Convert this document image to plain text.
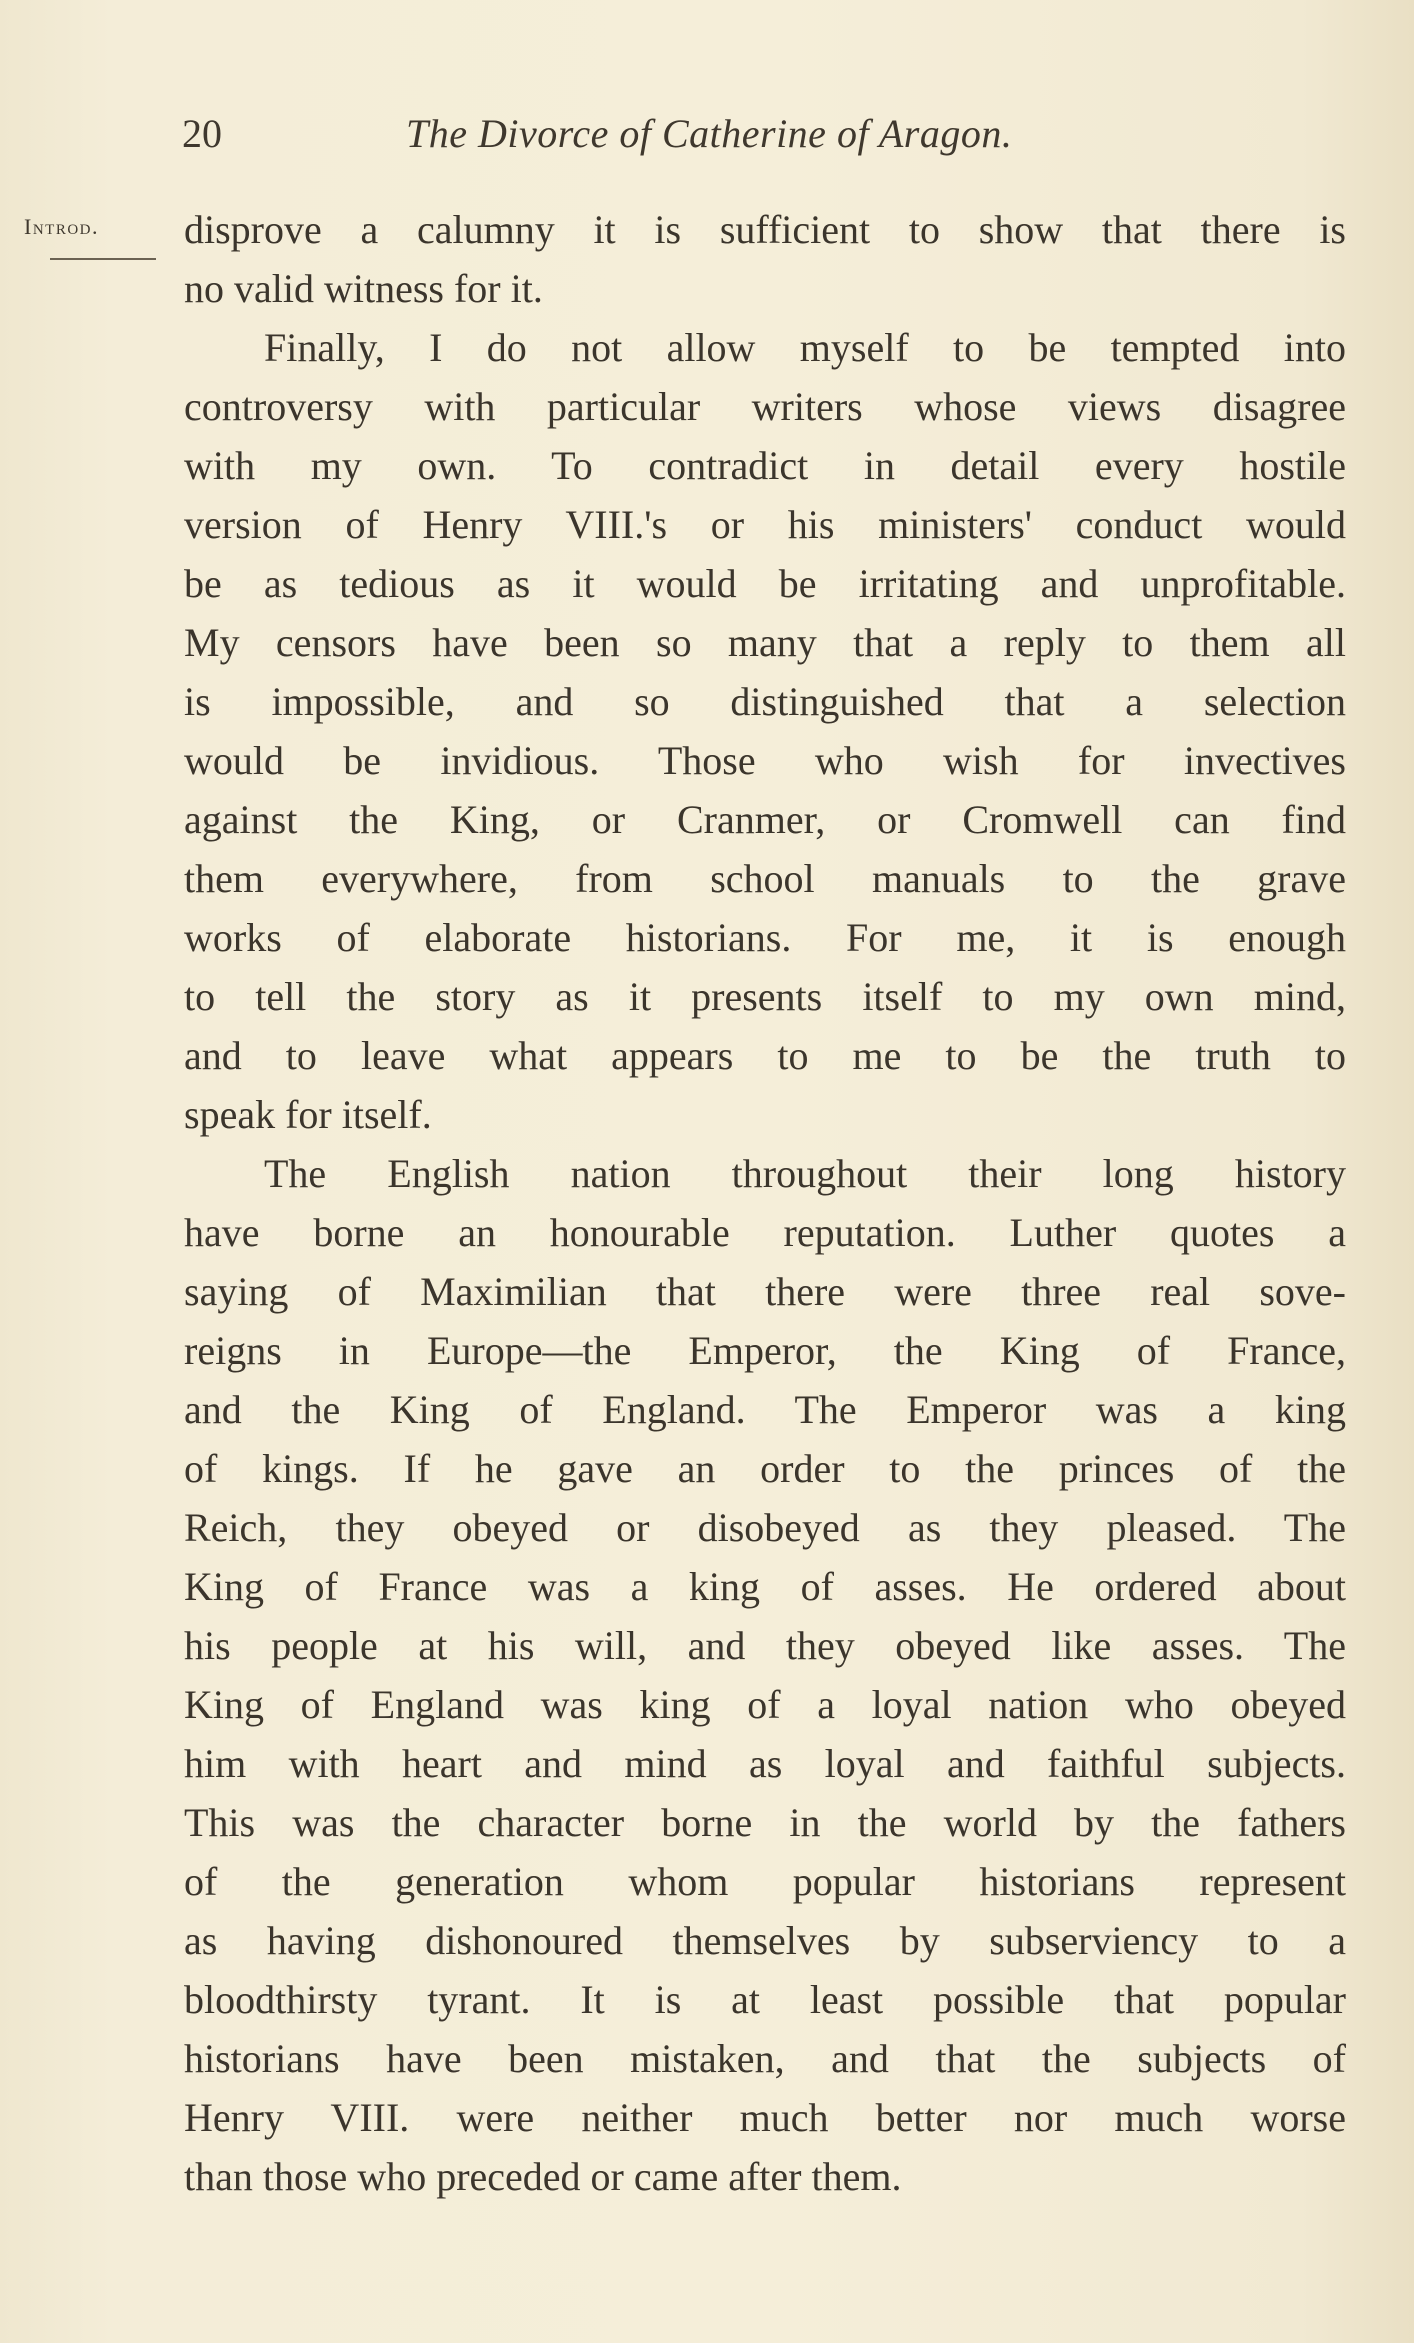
20	The Divorce of Catherine of Aragon.
Introd.	disprove a calumny it is sufficient to show that there is
no valid witness for it.
Finally, I do not allow myself to be tempted into
controversy with particular writers whose views disagree
with my own. To contradict in detail every hostile
version of Henry VIII.'s or his ministers' conduct would
be as tedious as it would be irritating and unprofitable.
My censors have been so many that a reply to them all
is impossible, and so distinguished that a selection
would be invidious. Those who wish for invectives
against the King, or Cranmer, or Cromwell can find
them everywhere, from school manuals to the grave
works of elaborate historians. For me, it is enough
to tell the story as it presents itself to my own mind,
and to leave what appears to me to be the truth to
speak for itself.
The English nation throughout their long history
have borne an honourable reputation. Luther quotes a
saying of Maximilian that there were three real sove-
reigns in Europe—the Emperor, the King of France,
and the King of England. The Emperor was a king
of kings. If he gave an order to the princes of the
Reich, they obeyed or disobeyed as they pleased. The
King of France was a king of asses. He ordered about
his people at his will, and they obeyed like asses. The
King of England was king of a loyal nation who obeyed
him with heart and mind as loyal and faithful subjects.
This was the character borne in the world by the fathers
of the generation whom popular historians represent
as having dishonoured themselves by subserviency to a
bloodthirsty tyrant. It is at least possible that popular
historians have been mistaken, and that the subjects of
Henry VIII. were neither much better nor much worse
than those who preceded or came after them.
